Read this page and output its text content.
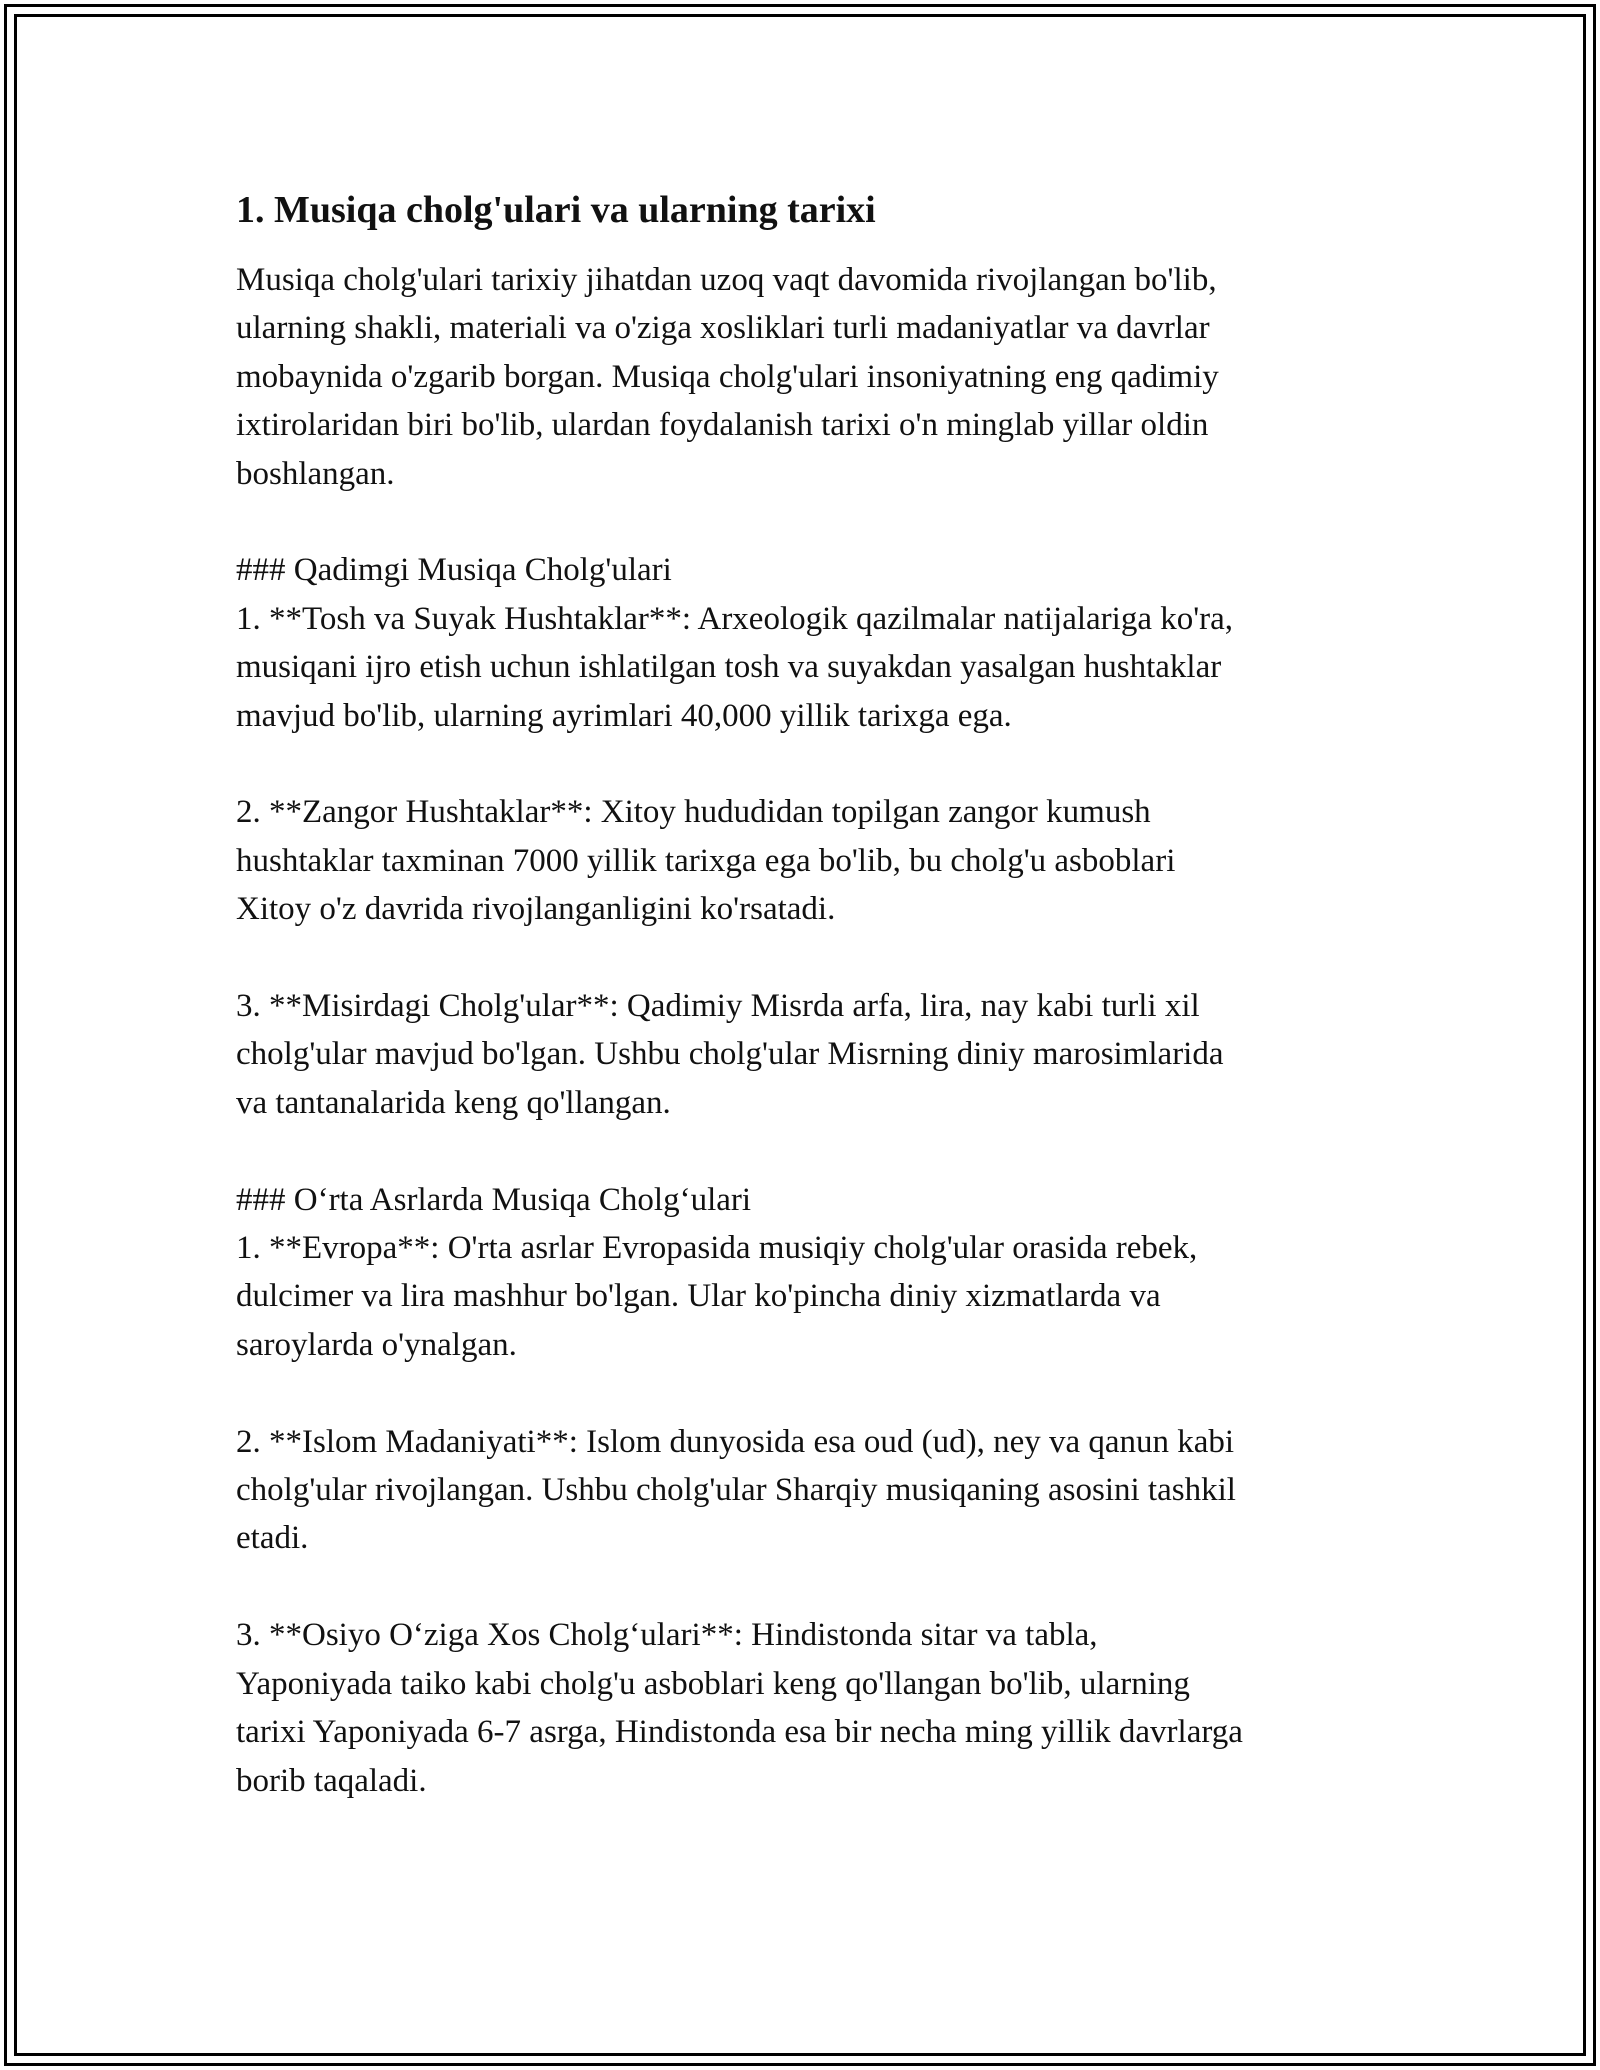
1. Musiqa cholg'ulari va ularning tarixi

Musiqa cholg'ulari tarixiy jihatdan uzoq vaqt davomida rivojlangan bo'lib,
ularning shakli, materiali va o'ziga xosliklari turli madaniyatlar va davrlar
mobaynida o'zgarib borgan. Musiqa cholg'ulari insoniyatning eng qadimiy
ixtirolaridan biri bo'lib, ulardan foydalanish tarixi o'n minglab yillar oldin
boshlangan.

### Qadimgi Musiqa Cholg'ulari
1. **Tosh va Suyak Hushtaklar**: Arxeologik qazilmalar natijalariga ko'ra,
musiqani ijro etish uchun ishlatilgan tosh va suyakdan yasalgan hushtaklar
mavjud bo'lib, ularning ayrimlari 40,000 yillik tarixga ega.

2. **Zangor Hushtaklar**: Xitoy hududidan topilgan zangor kumush
hushtaklar taxminan 7000 yillik tarixga ega bo'lib, bu cholg'u asboblari
Xitoy o'z davrida rivojlanganligini ko'rsatadi.

3. **Misirdagi Cholg'ular**: Qadimiy Misrda arfa, lira, nay kabi turli xil
cholg'ular mavjud bo'lgan. Ushbu cholg'ular Misrning diniy marosimlarida
va tantanalarida keng qo'llangan.

### O‘rta Asrlarda Musiqa Cholg‘ulari
1. **Evropa**: O'rta asrlar Evropasida musiqiy cholg'ular orasida rebek,
dulcimer va lira mashhur bo'lgan. Ular ko'pincha diniy xizmatlarda va
saroylarda o'ynalgan.

2. **Islom Madaniyati**: Islom dunyosida esa oud (ud), ney va qanun kabi
cholg'ular rivojlangan. Ushbu cholg'ular Sharqiy musiqaning asosini tashkil
etadi.

3. **Osiyo O‘ziga Xos Cholg‘ulari**: Hindistonda sitar va tabla,
Yaponiyada taiko kabi cholg'u asboblari keng qo'llangan bo'lib, ularning
tarixi Yaponiyada 6-7 asrga, Hindistonda esa bir necha ming yillik davrlarga
borib taqaladi.
